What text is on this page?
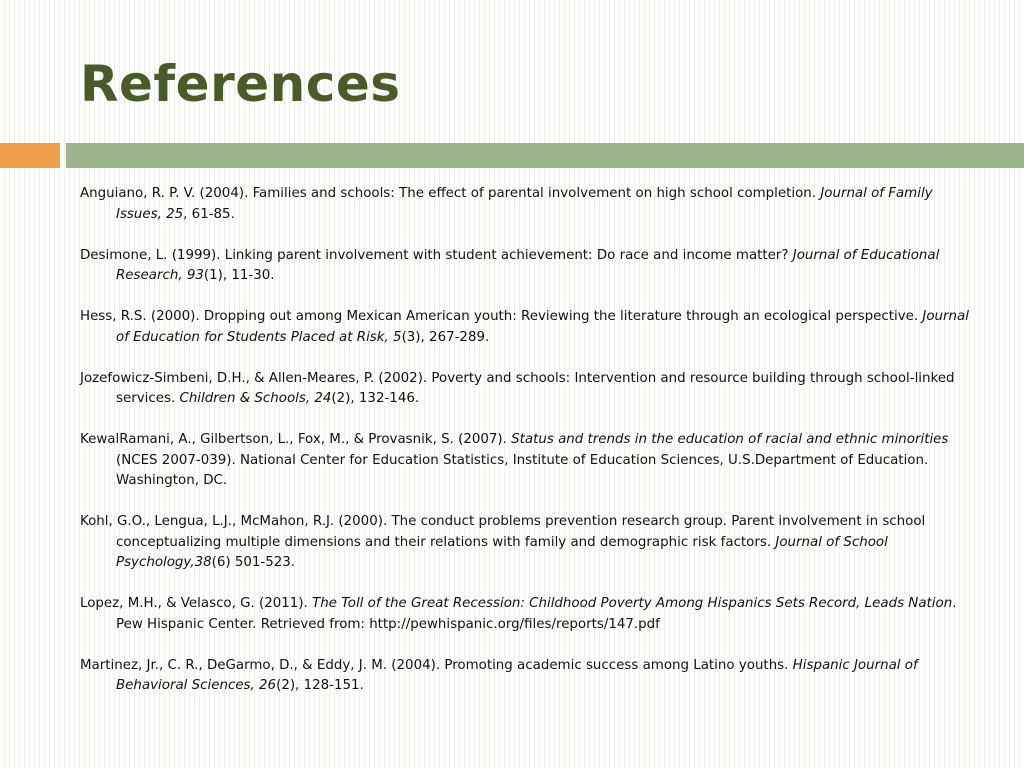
References
Anguiano, R. P. V. (2004). Families and schools: The effect of parental involvement on high school completion. Journal of Family Issues, 25, 61-85.
Desimone, L. (1999). Linking parent involvement with student achievement: Do race and income matter? Journal of Educational Research, 93(1), 11-30.
Hess, R.S. (2000). Dropping out among Mexican American youth: Reviewing the literature through an ecological perspective. Journal of Education for Students Placed at Risk, 5(3), 267-289.
Jozefowicz-Simbeni, D.H., & Allen-Meares, P. (2002). Poverty and schools: Intervention and resource building through school-linked services. Children & Schools, 24(2), 132-146.
KewalRamani, A., Gilbertson, L., Fox, M., & Provasnik, S. (2007). Status and trends in the education of racial and ethnic minorities (NCES 2007-039). National Center for Education Statistics, Institute of Education Sciences, U.S.Department of Education. Washington, DC.
Kohl, G.O., Lengua, L.J., McMahon, R.J. (2000). The conduct problems prevention research group. Parent involvement in school conceptualizing multiple dimensions and their relations with family and demographic risk factors. Journal of School Psychology,38(6) 501-523.
Lopez, M.H., & Velasco, G. (2011). The Toll of the Great Recession: Childhood Poverty Among Hispanics Sets Record, Leads Nation. Pew Hispanic Center. Retrieved from: http://pewhispanic.org/files/reports/147.pdf
Martinez, Jr., C. R., DeGarmo, D., & Eddy, J. M. (2004). Promoting academic success among Latino youths. Hispanic Journal of Behavioral Sciences, 26(2), 128-151.
